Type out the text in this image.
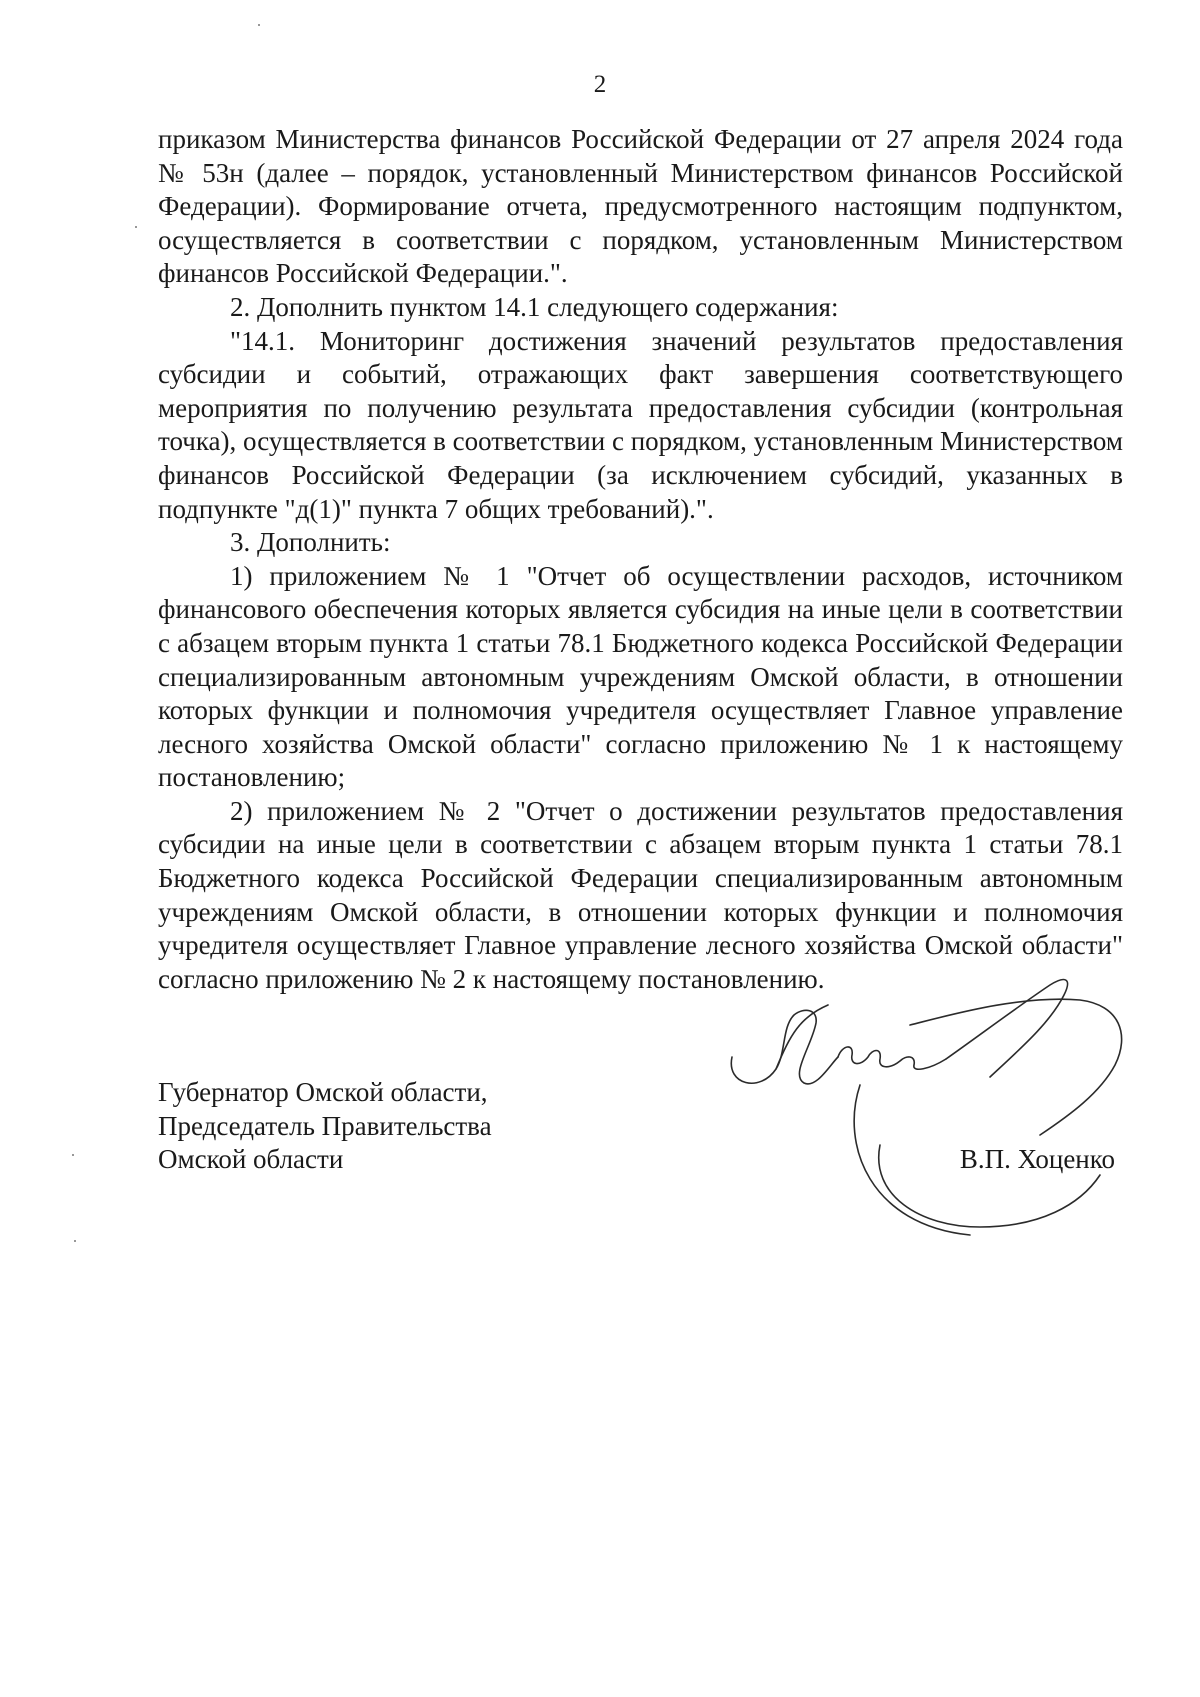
2

приказом Министерства финансов Российской Федерации от 27 апреля 2024 года № 53н (далее – порядок, установленный Министерством финансов Российской Федерации). Формирование отчета, предусмотренного настоящим подпунктом, осуществляется в соответствии с порядком, установленным Министерством финансов Российской Федерации.".

2. Дополнить пунктом 14.1 следующего содержания:

"14.1. Мониторинг достижения значений результатов предоставления субсидии и событий, отражающих факт завершения соответствующего мероприятия по получению результата предоставления субсидии (контрольная точка), осуществляется в соответствии с порядком, установленным Министерством финансов Российской Федерации (за исключением субсидий, указанных в подпункте "д(1)" пункта 7 общих требований).".

3. Дополнить:

1) приложением № 1 "Отчет об осуществлении расходов, источником финансового обеспечения которых является субсидия на иные цели в соответствии с абзацем вторым пункта 1 статьи 78.1 Бюджетного кодекса Российской Федерации специализированным автономным учреждениям Омской области, в отношении которых функции и полномочия учредителя осуществляет Главное управление лесного хозяйства Омской области" согласно приложению № 1 к настоящему постановлению;

2) приложением № 2 "Отчет о достижении результатов предоставления субсидии на иные цели в соответствии с абзацем вторым пункта 1 статьи 78.1 Бюджетного кодекса Российской Федерации специализированным автономным учреждениям Омской области, в отношении которых функции и полномочия учредителя осуществляет Главное управление лесного хозяйства Омской области" согласно приложению № 2 к настоящему постановлению.

Губернатор Омской области,
Председатель Правительства
Омской области	В.П. Хоценко
